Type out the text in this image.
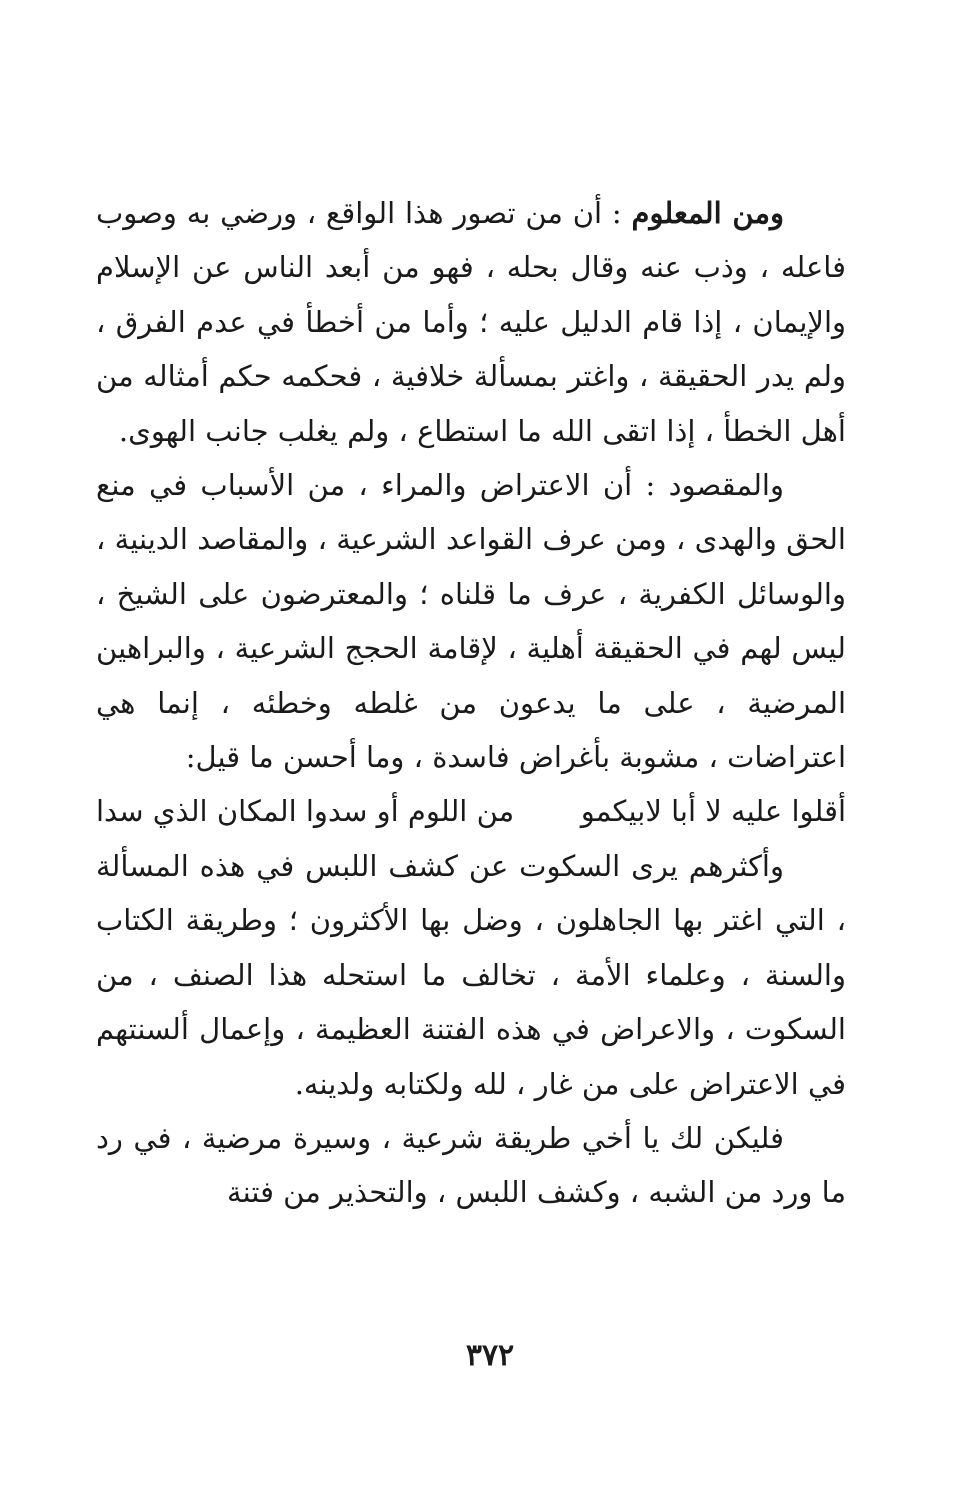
ومن المعلوم : أن من تصور هذا الواقع ، ورضي به وصوب فاعله ، وذب عنه وقال بحله ، فهو من أبعد الناس عن الإسلام والإيمان ، إذا قام الدليل عليه ؛ وأما من أخطأ في عدم الفرق ، ولم يدر الحقيقة ، واغتر بمسألة خلافية ، فحكمه حكم أمثاله من أهل الخطأ ، إذا اتقى الله ما استطاع ، ولم يغلب جانب الهوى.

والمقصود : أن الاعتراض والمراء ، من الأسباب في منع الحق والهدى ، ومن عرف القواعد الشرعية ، والمقاصد الدينية ، والوسائل الكفرية ، عرف ما قلناه ؛ والمعترضون على الشيخ ، ليس لهم في الحقيقة أهلية ، لإقامة الحجج الشرعية ، والبراهين المرضية ، على ما يدعون من غلطه وخطئه ، إنما هي اعتراضات ، مشوبة بأغراض فاسدة ، وما أحسن ما قيل:

أقلوا عليه لا أبا لابيكمو
من اللوم أو سدوا المكان الذي سدا

وأكثرهم يرى السكوت عن كشف اللبس في هذه المسألة ، التي اغتر بها الجاهلون ، وضل بها الأكثرون ؛ وطريقة الكتاب والسنة ، وعلماء الأمة ، تخالف ما استحله هذا الصنف ، من السكوت ، والاعراض في هذه الفتنة العظيمة ، وإعمال ألسنتهم في الاعتراض على من غار ، لله ولكتابه ولدينه.

فليكن لك يا أخي طريقة شرعية ، وسيرة مرضية ، في رد ما ورد من الشبه ، وكشف اللبس ، والتحذير من فتنة

٣٧٢
